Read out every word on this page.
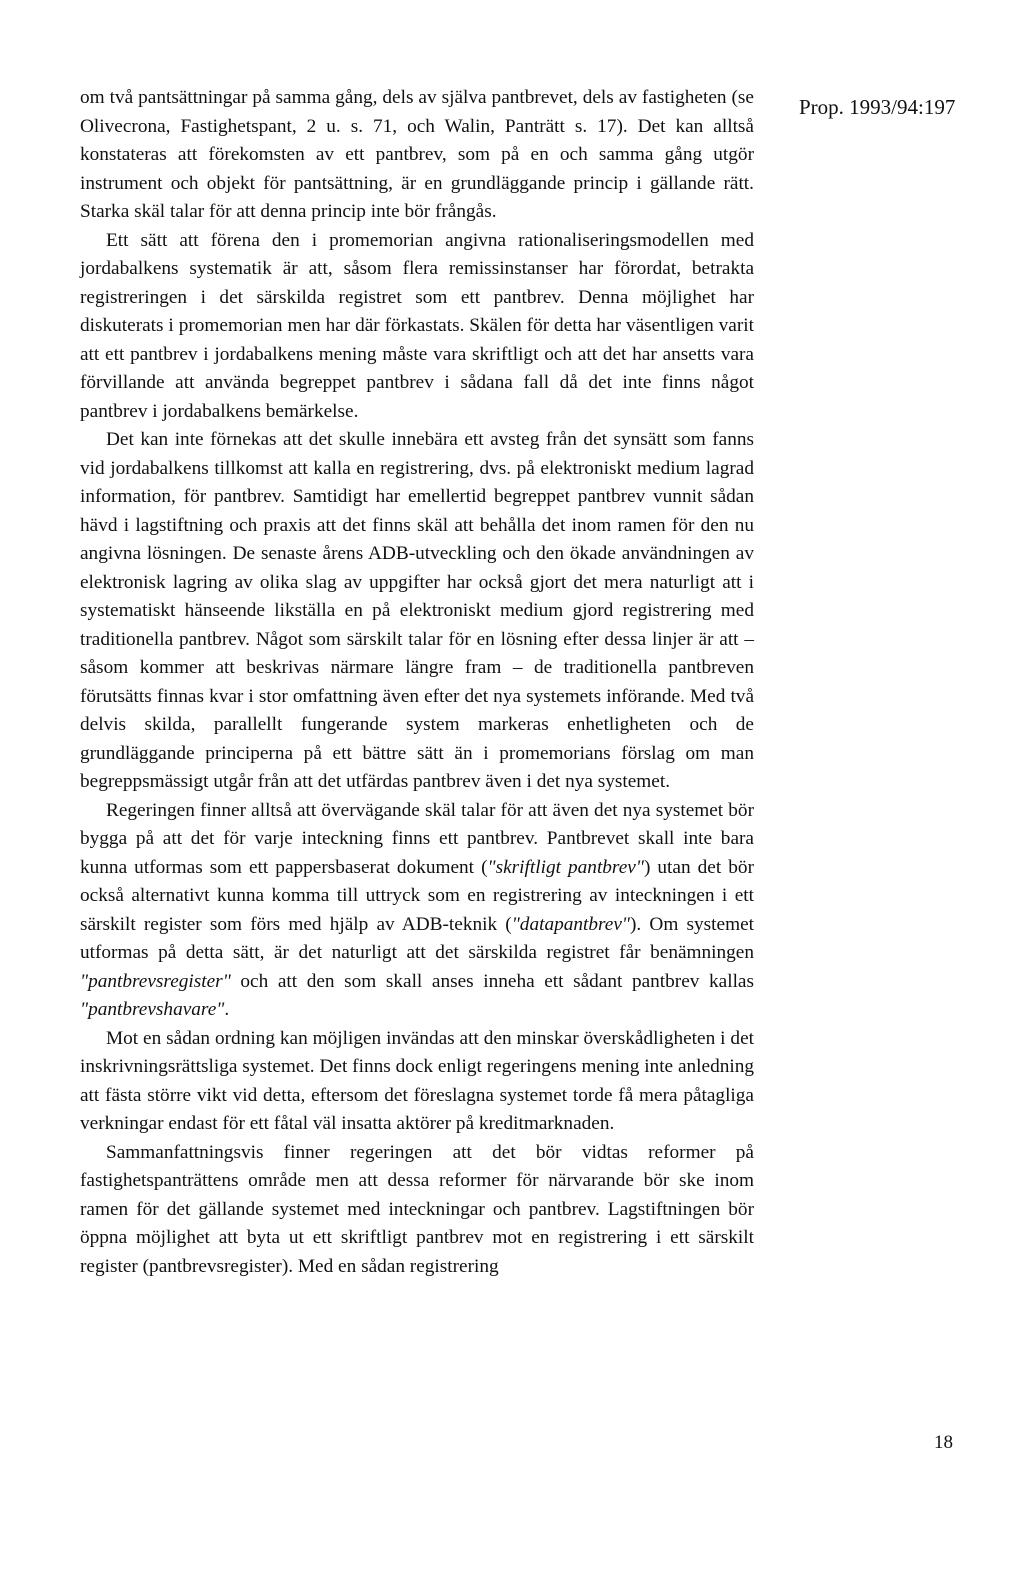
Prop. 1993/94:197

om två pantsättningar på samma gång, dels av själva pantbrevet, dels av fastigheten (se Olivecrona, Fastighetspant, 2 u. s. 71, och Walin, Panträtt s. 17). Det kan alltså konstateras att förekomsten av ett pantbrev, som på en och samma gång utgör instrument och objekt för pantsättning, är en grundläggande princip i gällande rätt. Starka skäl talar för att denna princip inte bör frångås.

Ett sätt att förena den i promemorian angivna rationaliseringsmodellen med jordabalkens systematik är att, såsom flera remissinstanser har förordat, betrakta registreringen i det särskilda registret som ett pantbrev. Denna möjlighet har diskuterats i promemorian men har där förkastats. Skälen för detta har väsentligen varit att ett pantbrev i jordabalkens mening måste vara skriftligt och att det har ansetts vara förvillande att använda begreppet pantbrev i sådana fall då det inte finns något pantbrev i jordabalkens bemärkelse.

Det kan inte förnekas att det skulle innebära ett avsteg från det synsätt som fanns vid jordabalkens tillkomst att kalla en registrering, dvs. på elektroniskt medium lagrad information, för pantbrev. Samtidigt har emellertid begreppet pantbrev vunnit sådan hävd i lagstiftning och praxis att det finns skäl att behålla det inom ramen för den nu angivna lösningen. De senaste årens ADB-utveckling och den ökade användningen av elektronisk lagring av olika slag av uppgifter har också gjort det mera naturligt att i systematiskt hänseende likställa en på elektroniskt medium gjord registrering med traditionella pantbrev. Något som särskilt talar för en lösning efter dessa linjer är att – såsom kommer att beskrivas närmare längre fram – de traditionella pantbreven förutsätts finnas kvar i stor omfattning även efter det nya systemets införande. Med två delvis skilda, parallellt fungerande system markeras enhetligheten och de grundläggande principerna på ett bättre sätt än i promemorians förslag om man begreppsmässigt utgår från att det utfärdas pantbrev även i det nya systemet.

Regeringen finner alltså att övervägande skäl talar för att även det nya systemet bör bygga på att det för varje inteckning finns ett pantbrev. Pantbrevet skall inte bara kunna utformas som ett pappersbaserat dokument ("skriftligt pantbrev") utan det bör också alternativt kunna komma till uttryck som en registrering av inteckningen i ett särskilt register som förs med hjälp av ADB-teknik ("datapantbrev"). Om systemet utformas på detta sätt, är det naturligt att det särskilda registret får benämningen "pantbrevsregister" och att den som skall anses inneha ett sådant pantbrev kallas "pantbrevshavare".

Mot en sådan ordning kan möjligen invändas att den minskar överskådligheten i det inskrivningsrättsliga systemet. Det finns dock enligt regeringens mening inte anledning att fästa större vikt vid detta, eftersom det föreslagna systemet torde få mera påtagliga verkningar endast för ett fåtal väl insatta aktörer på kreditmarknaden.

Sammanfattningsvis finner regeringen att det bör vidtas reformer på fastighetspanträttens område men att dessa reformer för närvarande bör ske inom ramen för det gällande systemet med inteckningar och pantbrev. Lagstiftningen bör öppna möjlighet att byta ut ett skriftligt pantbrev mot en registrering i ett särskilt register (pantbrevsregister). Med en sådan registrering

18
